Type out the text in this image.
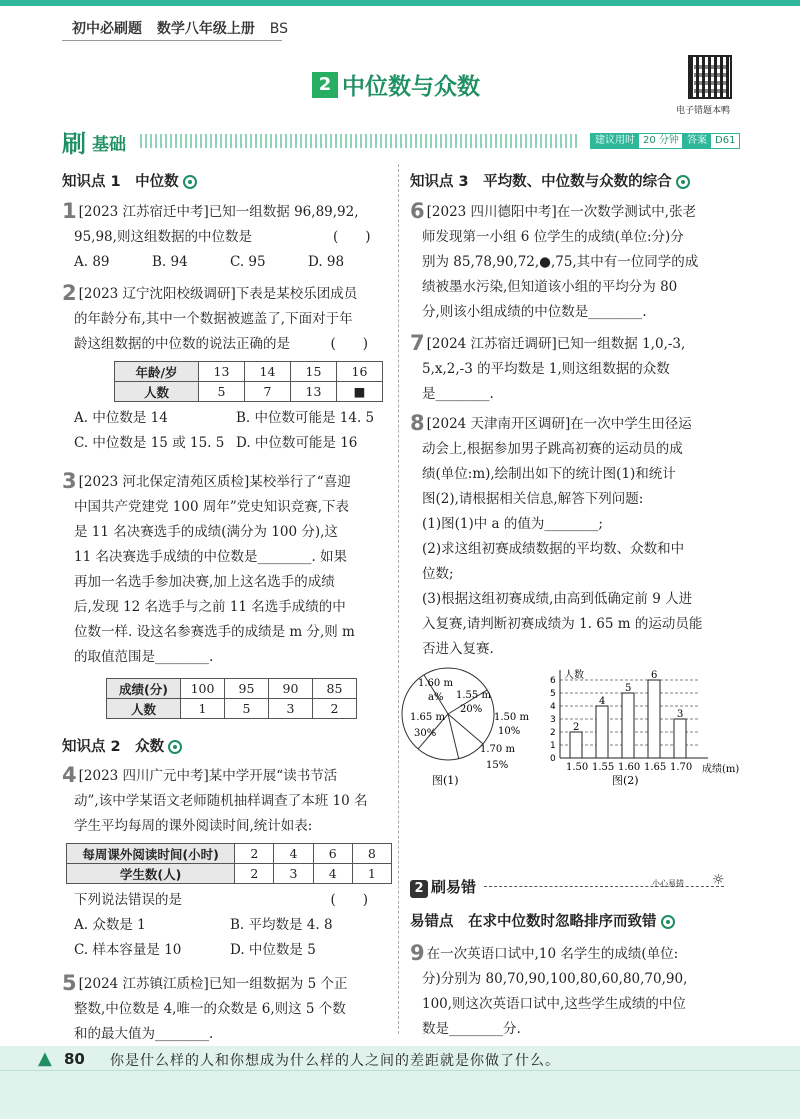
初中必刷题 数学八年级上册 BS
2 中位数与众数
电子错题本鸭
刷 基础	建议用时 20 分钟 答案 D61
知识点 1　中位数
1 [2023 江苏宿迁中考]已知一组数据 96,89,92,
95,98,则这组数据的中位数是　　　　　　(　　)
A. 89	B. 94	C. 95	D. 98
2 [2023 辽宁沈阳校级调研]下表是某校乐团成员
的年龄分布,其中一个数据被遮盖了,下面对于年
龄这组数据的中位数的说法正确的是　　　(　　)
年龄/岁	13	14	15	16
人数	5	7	13	■
A. 中位数是 14	B. 中位数可能是 14. 5
C. 中位数是 15 或 15. 5 D. 中位数可能是 16
3 [2023 河北保定清苑区质检]某校举行了“喜迎
中国共产党建党 100 周年”党史知识竞赛,下表
是 11 名决赛选手的成绩(满分为 100 分),这
11 名决赛选手成绩的中位数是________. 如果
再加一名选手参加决赛,加上这名选手的成绩
后,发现 12 名选手与之前 11 名选手成绩的中
位数一样. 设这名参赛选手的成绩是 m 分,则 m
的取值范围是________.
成绩(分)	100	95	90	85
人数	1	5	3	2
知识点 2　众数
4 [2023 四川广元中考]某中学开展“读书节活
动”,该中学某语文老师随机抽样调查了本班 10 名
学生平均每周的课外阅读时间,统计如表:
每周课外阅读时间(小时)	2	4	6	8
学生数(人)	2	3	4	1
下列说法错误的是　　　　　　　　　　　(　　)
A. 众数是 1	B. 平均数是 4. 8
C. 样本容量是 10	D. 中位数是 5
5 [2024 江苏镇江质检]已知一组数据为 5 个正
整数,中位数是 4,唯一的众数是 6,则这 5 个数
和的最大值为________.
知识点 3　平均数、中位数与众数的综合
6 [2023 四川德阳中考]在一次数学测试中,张老
师发现第一小组 6 位学生的成绩(单位:分)分
别为 85,78,90,72,●,75,其中有一位同学的成
绩被墨水污染,但知道该小组的平均分为 80
分,则该小组成绩的中位数是________.
7 [2024 江苏宿迁调研]已知一组数据 1,0,-3,
5,x,2,-3 的平均数是 1,则这组数据的众数
是________.
8 [2024 天津南开区调研]在一次中学生田径运
动会上,根据参加男子跳高初赛的运动员的成
绩(单位:m),绘制出如下的统计图(1)和统计
图(2),请根据相关信息,解答下列问题:
(1)图(1)中 a 的值为________;
(2)求这组初赛成绩数据的平均数、众数和中
位数;
(3)根据这组初赛成绩,由高到低确定前 9 人进
入复赛,请判断初赛成绩为 1. 65 m 的运动员能
否进入复赛.
1.60 m
a% 1.55 m
20%
1.50 m
10%
1.70 m
15%
1.65 m
30%
图(1)
0
1
2
3
4
5
6 人数
成绩(m)
2
1.50
4
1.55
5
1.60
6
1.65
3
1.70
图(2)
2 刷易错	小心易错 ☼
易错点　在求中位数时忽略排序而致错
9 在一次英语口试中,10 名学生的成绩(单位:
分)分别为 80,70,90,100,80,60,80,70,90,
100,则这次英语口试中,这些学生成绩的中位
数是________分.
▲ 80 你是什么样的人和你想成为什么样的人之间的差距就是你做了什么。
